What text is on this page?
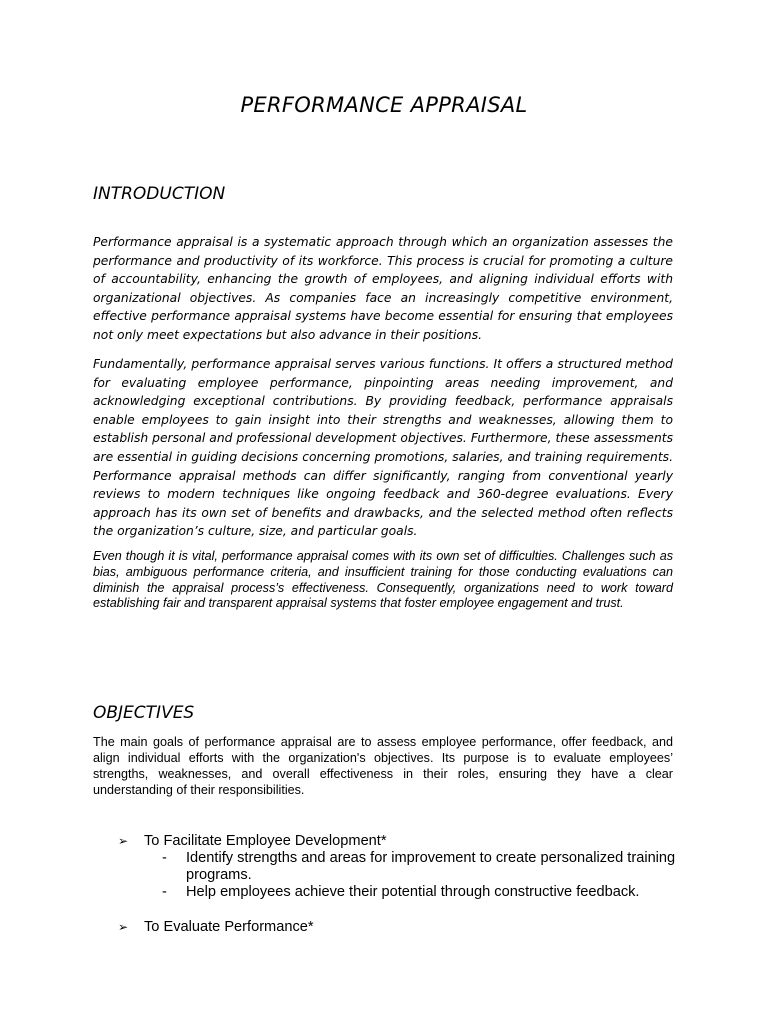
PERFORMANCE APPRAISAL
INTRODUCTION

Performance appraisal is a systematic approach through which an organization assesses the performance and productivity of its workforce. This process is crucial for promoting a culture of accountability, enhancing the growth of employees, and aligning individual efforts with organizational objectives. As companies face an increasingly competitive environment, effective performance appraisal systems have become essential for ensuring that employees not only meet expectations but also advance in their positions.

Fundamentally, performance appraisal serves various functions. It offers a structured method for evaluating employee performance, pinpointing areas needing improvement, and acknowledging exceptional contributions. By providing feedback, performance appraisals enable employees to gain insight into their strengths and weaknesses, allowing them to establish personal and professional development objectives. Furthermore, these assessments are essential in guiding decisions concerning promotions, salaries, and training requirements. Performance appraisal methods can differ significantly, ranging from conventional yearly reviews to modern techniques like ongoing feedback and 360-degree evaluations. Every approach has its own set of benefits and drawbacks, and the selected method often reflects the organization’s culture, size, and particular goals.

Even though it is vital, performance appraisal comes with its own set of difficulties. Challenges such as bias, ambiguous performance criteria, and insufficient training for those conducting evaluations can diminish the appraisal process’s effectiveness. Consequently, organizations need to work toward establishing fair and transparent appraisal systems that foster employee engagement and trust.

OBJECTIVES

The main goals of performance appraisal are to assess employee performance, offer feedback, and align individual efforts with the organization's objectives. Its purpose is to evaluate employees’ strengths, weaknesses, and overall effectiveness in their roles, ensuring they have a clear understanding of their responsibilities.

➢ To Facilitate Employee Development*
- Identify strengths and areas for improvement to create personalized training programs.
- Help employees achieve their potential through constructive feedback.
➢ To Evaluate Performance*
